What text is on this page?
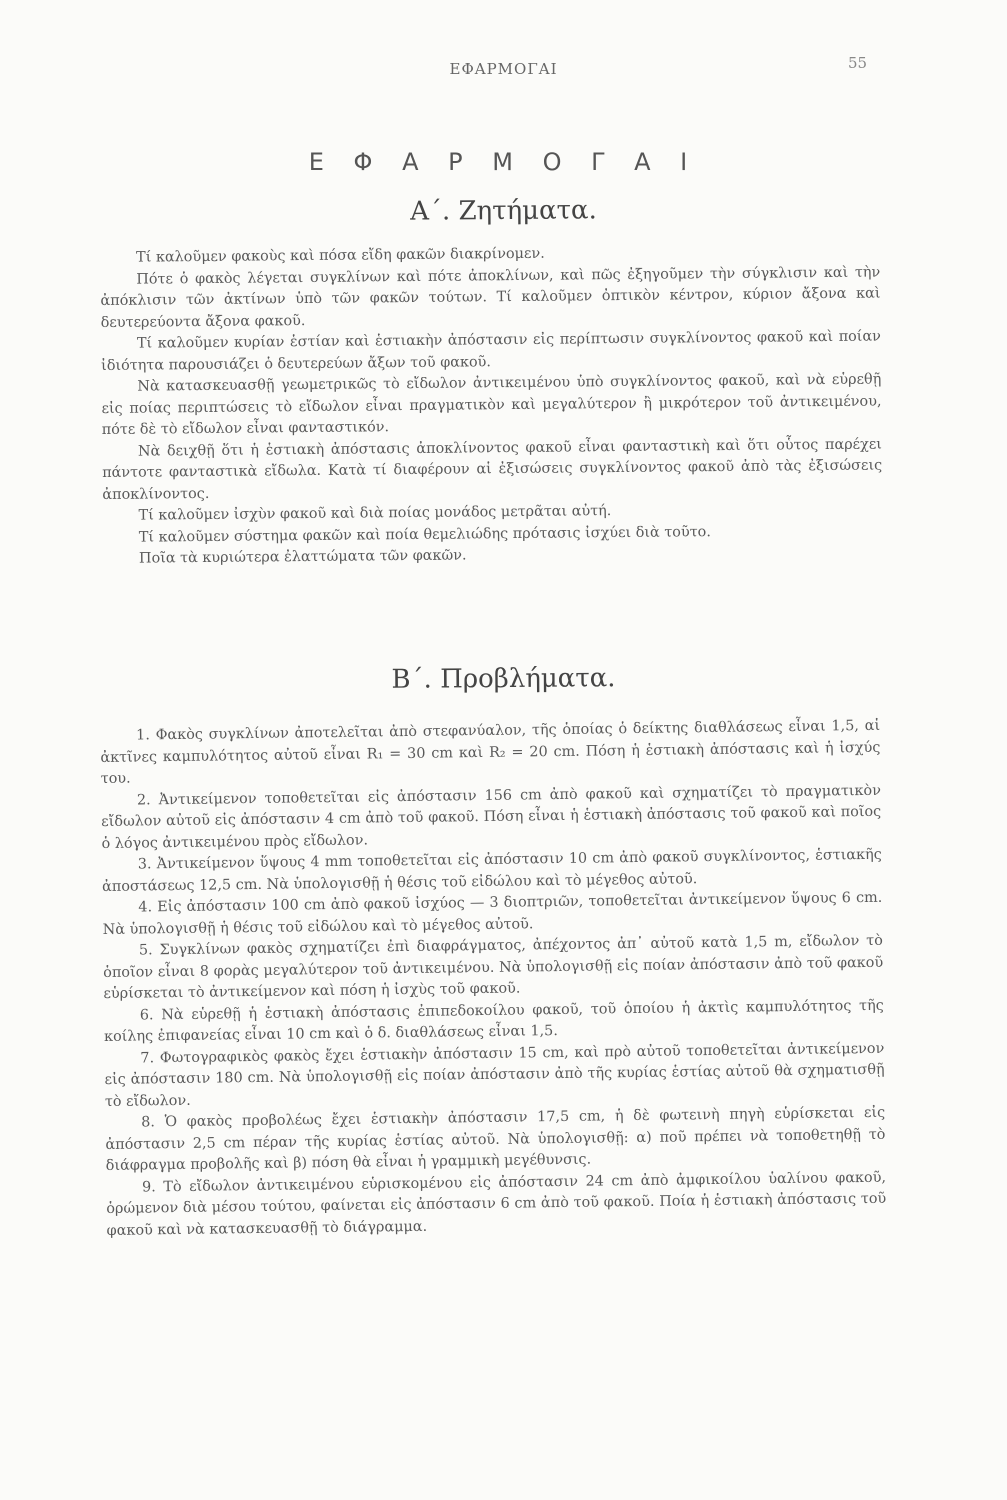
ΕΦΑΡΜΟΓΑΙ	55
Ε Φ Α Ρ Μ Ο Γ Α Ι
Α΄. Ζητήματα.

Τί καλοῦμεν φακοὺς καὶ πόσα εἴδη φακῶν διακρίνομεν.

Πότε ὁ φακὸς λέγεται συγκλίνων καὶ πότε ἀποκλίνων, καὶ πῶς ἐξηγοῦμεν τὴν σύγκλισιν καὶ τὴν ἀπόκλισιν τῶν ἀκτίνων ὑπὸ τῶν φακῶν τούτων. Τί καλοῦμεν ὀπτικὸν κέντρον, κύριον ἄξονα καὶ δευτερεύοντα ἄξονα φακοῦ.

Τί καλοῦμεν κυρίαν ἑστίαν καὶ ἑστιακὴν ἀπόστασιν εἰς περίπτωσιν συγκλίνοντος φακοῦ καὶ ποίαν ἰδιότητα παρουσιάζει ὁ δευτερεύων ἄξων τοῦ φακοῦ.

Νὰ κατασκευασθῇ γεωμετρικῶς τὸ εἴδωλον ἀντικειμένου ὑπὸ συγκλίνοντος φακοῦ, καὶ νὰ εὑρεθῇ εἰς ποίας περιπτώσεις τὸ εἴδωλον εἶναι πραγματικὸν καὶ μεγαλύτερον ἢ μικρότερον τοῦ ἀντικειμένου, πότε δὲ τὸ εἴδωλον εἶναι φανταστικόν.

Νὰ δειχθῇ ὅτι ἡ ἑστιακὴ ἀπόστασις ἀποκλίνοντος φακοῦ εἶναι φανταστικὴ καὶ ὅτι οὗτος παρέχει πάντοτε φανταστικὰ εἴδωλα. Κατὰ τί διαφέρουν αἱ ἐξισώσεις συγκλίνοντος φακοῦ ἀπὸ τὰς ἐξισώσεις ἀποκλίνοντος.

Τί καλοῦμεν ἰσχὺν φακοῦ καὶ διὰ ποίας μονάδος μετρᾶται αὐτή.

Τί καλοῦμεν σύστημα φακῶν καὶ ποία θεμελιώδης πρότασις ἰσχύει διὰ τοῦτο.

Ποῖα τὰ κυριώτερα ἐλαττώματα τῶν φακῶν.

Β΄. Προβλήματα.

1. Φακὸς συγκλίνων ἀποτελεῖται ἀπὸ στεφανύαλον, τῆς ὁποίας ὁ δείκτης διαθλάσεως εἶναι 1,5, αἱ ἀκτῖνες καμπυλότητος αὐτοῦ εἶναι R₁ = 30 cm καὶ R₂ = 20 cm. Πόση ἡ ἑστιακὴ ἀπόστασις καὶ ἡ ἰσχύς του.

2. Ἀντικείμενον τοποθετεῖται εἰς ἀπόστασιν 156 cm ἀπὸ φακοῦ καὶ σχηματίζει τὸ πραγματικὸν εἴδωλον αὐτοῦ εἰς ἀπόστασιν 4 cm ἀπὸ τοῦ φακοῦ. Πόση εἶναι ἡ ἑστιακὴ ἀπόστασις τοῦ φακοῦ καὶ ποῖος ὁ λόγος ἀντικειμένου πρὸς εἴδωλον.

3. Ἀντικείμενον ὕψους 4 mm τοποθετεῖται εἰς ἀπόστασιν 10 cm ἀπὸ φακοῦ συγκλίνοντος, ἑστιακῆς ἀποστάσεως 12,5 cm. Νὰ ὑπολογισθῇ ἡ θέσις τοῦ εἰδώλου καὶ τὸ μέγεθος αὐτοῦ.

4. Εἰς ἀπόστασιν 100 cm ἀπὸ φακοῦ ἰσχύος — 3 διοπτριῶν, τοποθετεῖται ἀντικείμενον ὕψους 6 cm. Νὰ ὑπολογισθῇ ἡ θέσις τοῦ εἰδώλου καὶ τὸ μέγεθος αὐτοῦ.

5. Συγκλίνων φακὸς σχηματίζει ἐπὶ διαφράγματος, ἀπέχοντος ἀπ᾽ αὐτοῦ κατὰ 1,5 m, εἴδωλον τὸ ὁποῖον εἶναι 8 φορὰς μεγαλύτερον τοῦ ἀντικειμένου. Νὰ ὑπολογισθῇ εἰς ποίαν ἀπόστασιν ἀπὸ τοῦ φακοῦ εὑρίσκεται τὸ ἀντικείμενον καὶ πόση ἡ ἰσχὺς τοῦ φακοῦ.

6. Νὰ εὑρεθῇ ἡ ἑστιακὴ ἀπόστασις ἐπιπεδοκοίλου φακοῦ, τοῦ ὁποίου ἡ ἀκτὶς καμπυλότητος τῆς κοίλης ἐπιφανείας εἶναι 10 cm καὶ ὁ δ. διαθλάσεως εἶναι 1,5.

7. Φωτογραφικὸς φακὸς ἔχει ἑστιακὴν ἀπόστασιν 15 cm, καὶ πρὸ αὐτοῦ τοποθετεῖται ἀντικείμενον εἰς ἀπόστασιν 180 cm. Νὰ ὑπολογισθῇ εἰς ποίαν ἀπόστασιν ἀπὸ τῆς κυρίας ἑστίας αὐτοῦ θὰ σχηματισθῇ τὸ εἴδωλον.

8. Ὁ φακὸς προβολέως ἔχει ἑστιακὴν ἀπόστασιν 17,5 cm, ἡ δὲ φωτεινὴ πηγὴ εὑρίσκεται εἰς ἀπόστασιν 2,5 cm πέραν τῆς κυρίας ἑστίας αὐτοῦ. Νὰ ὑπολογισθῇ: α) ποῦ πρέπει νὰ τοποθετηθῇ τὸ διάφραγμα προβολῆς καὶ β) πόση θὰ εἶναι ἡ γραμμικὴ μεγέθυνσις.

9. Τὸ εἴδωλον ἀντικειμένου εὑρισκομένου εἰς ἀπόστασιν 24 cm ἀπὸ ἀμφικοίλου ὑαλίνου φακοῦ, ὁρώμενον διὰ μέσου τούτου, φαίνεται εἰς ἀπόστασιν 6 cm ἀπὸ τοῦ φακοῦ. Ποία ἡ ἑστιακὴ ἀπόστασις τοῦ φακοῦ καὶ νὰ κατασκευασθῇ τὸ διάγραμμα.
